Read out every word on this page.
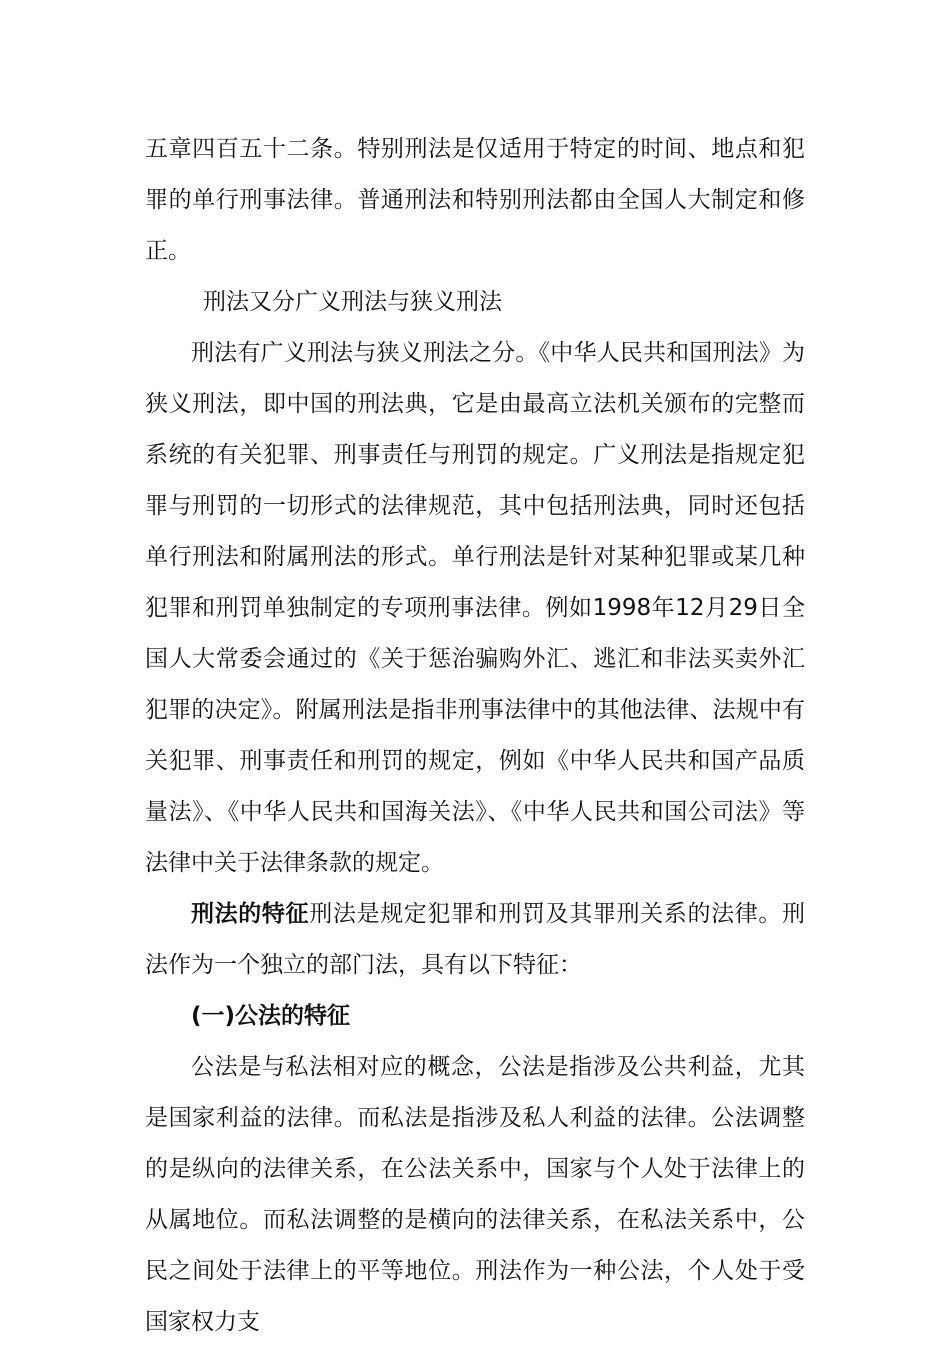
五章四百五十二条。特别刑法是仅适用于特定的时间、地点和犯罪的单行刑事法律。普通刑法和特别刑法都由全国人大制定和修正。

刑法又分广义刑法与狭义刑法

刑法有广义刑法与狭义刑法之分。《中华人民共和国刑法》为狭义刑法，即中国的刑法典，它是由最高立法机关颁布的完整而系统的有关犯罪、刑事责任与刑罚的规定。广义刑法是指规定犯罪与刑罚的一切形式的法律规范，其中包括刑法典，同时还包括单行刑法和附属刑法的形式。单行刑法是针对某种犯罪或某几种犯罪和刑罚单独制定的专项刑事法律。例如1998年12月29日全国人大常委会通过的《关于惩治骗购外汇、逃汇和非法买卖外汇犯罪的决定》。附属刑法是指非刑事法律中的其他法律、法规中有关犯罪、刑事责任和刑罚的规定，例如《中华人民共和国产品质量法》、《中华人民共和国海关法》、《中华人民共和国公司法》等法律中关于法律条款的规定。

刑法的特征刑法是规定犯罪和刑罚及其罪刑关系的法律。刑法作为一个独立的部门法，具有以下特征：

(一)公法的特征

公法是与私法相对应的概念，公法是指涉及公共利益，尤其是国家利益的法律。而私法是指涉及私人利益的法律。公法调整的是纵向的法律关系，在公法关系中，国家与个人处于法律上的从属地位。而私法调整的是横向的法律关系，在私法关系中，公民之间处于法律上的平等地位。刑法作为一种公法，个人处于受国家权力支
